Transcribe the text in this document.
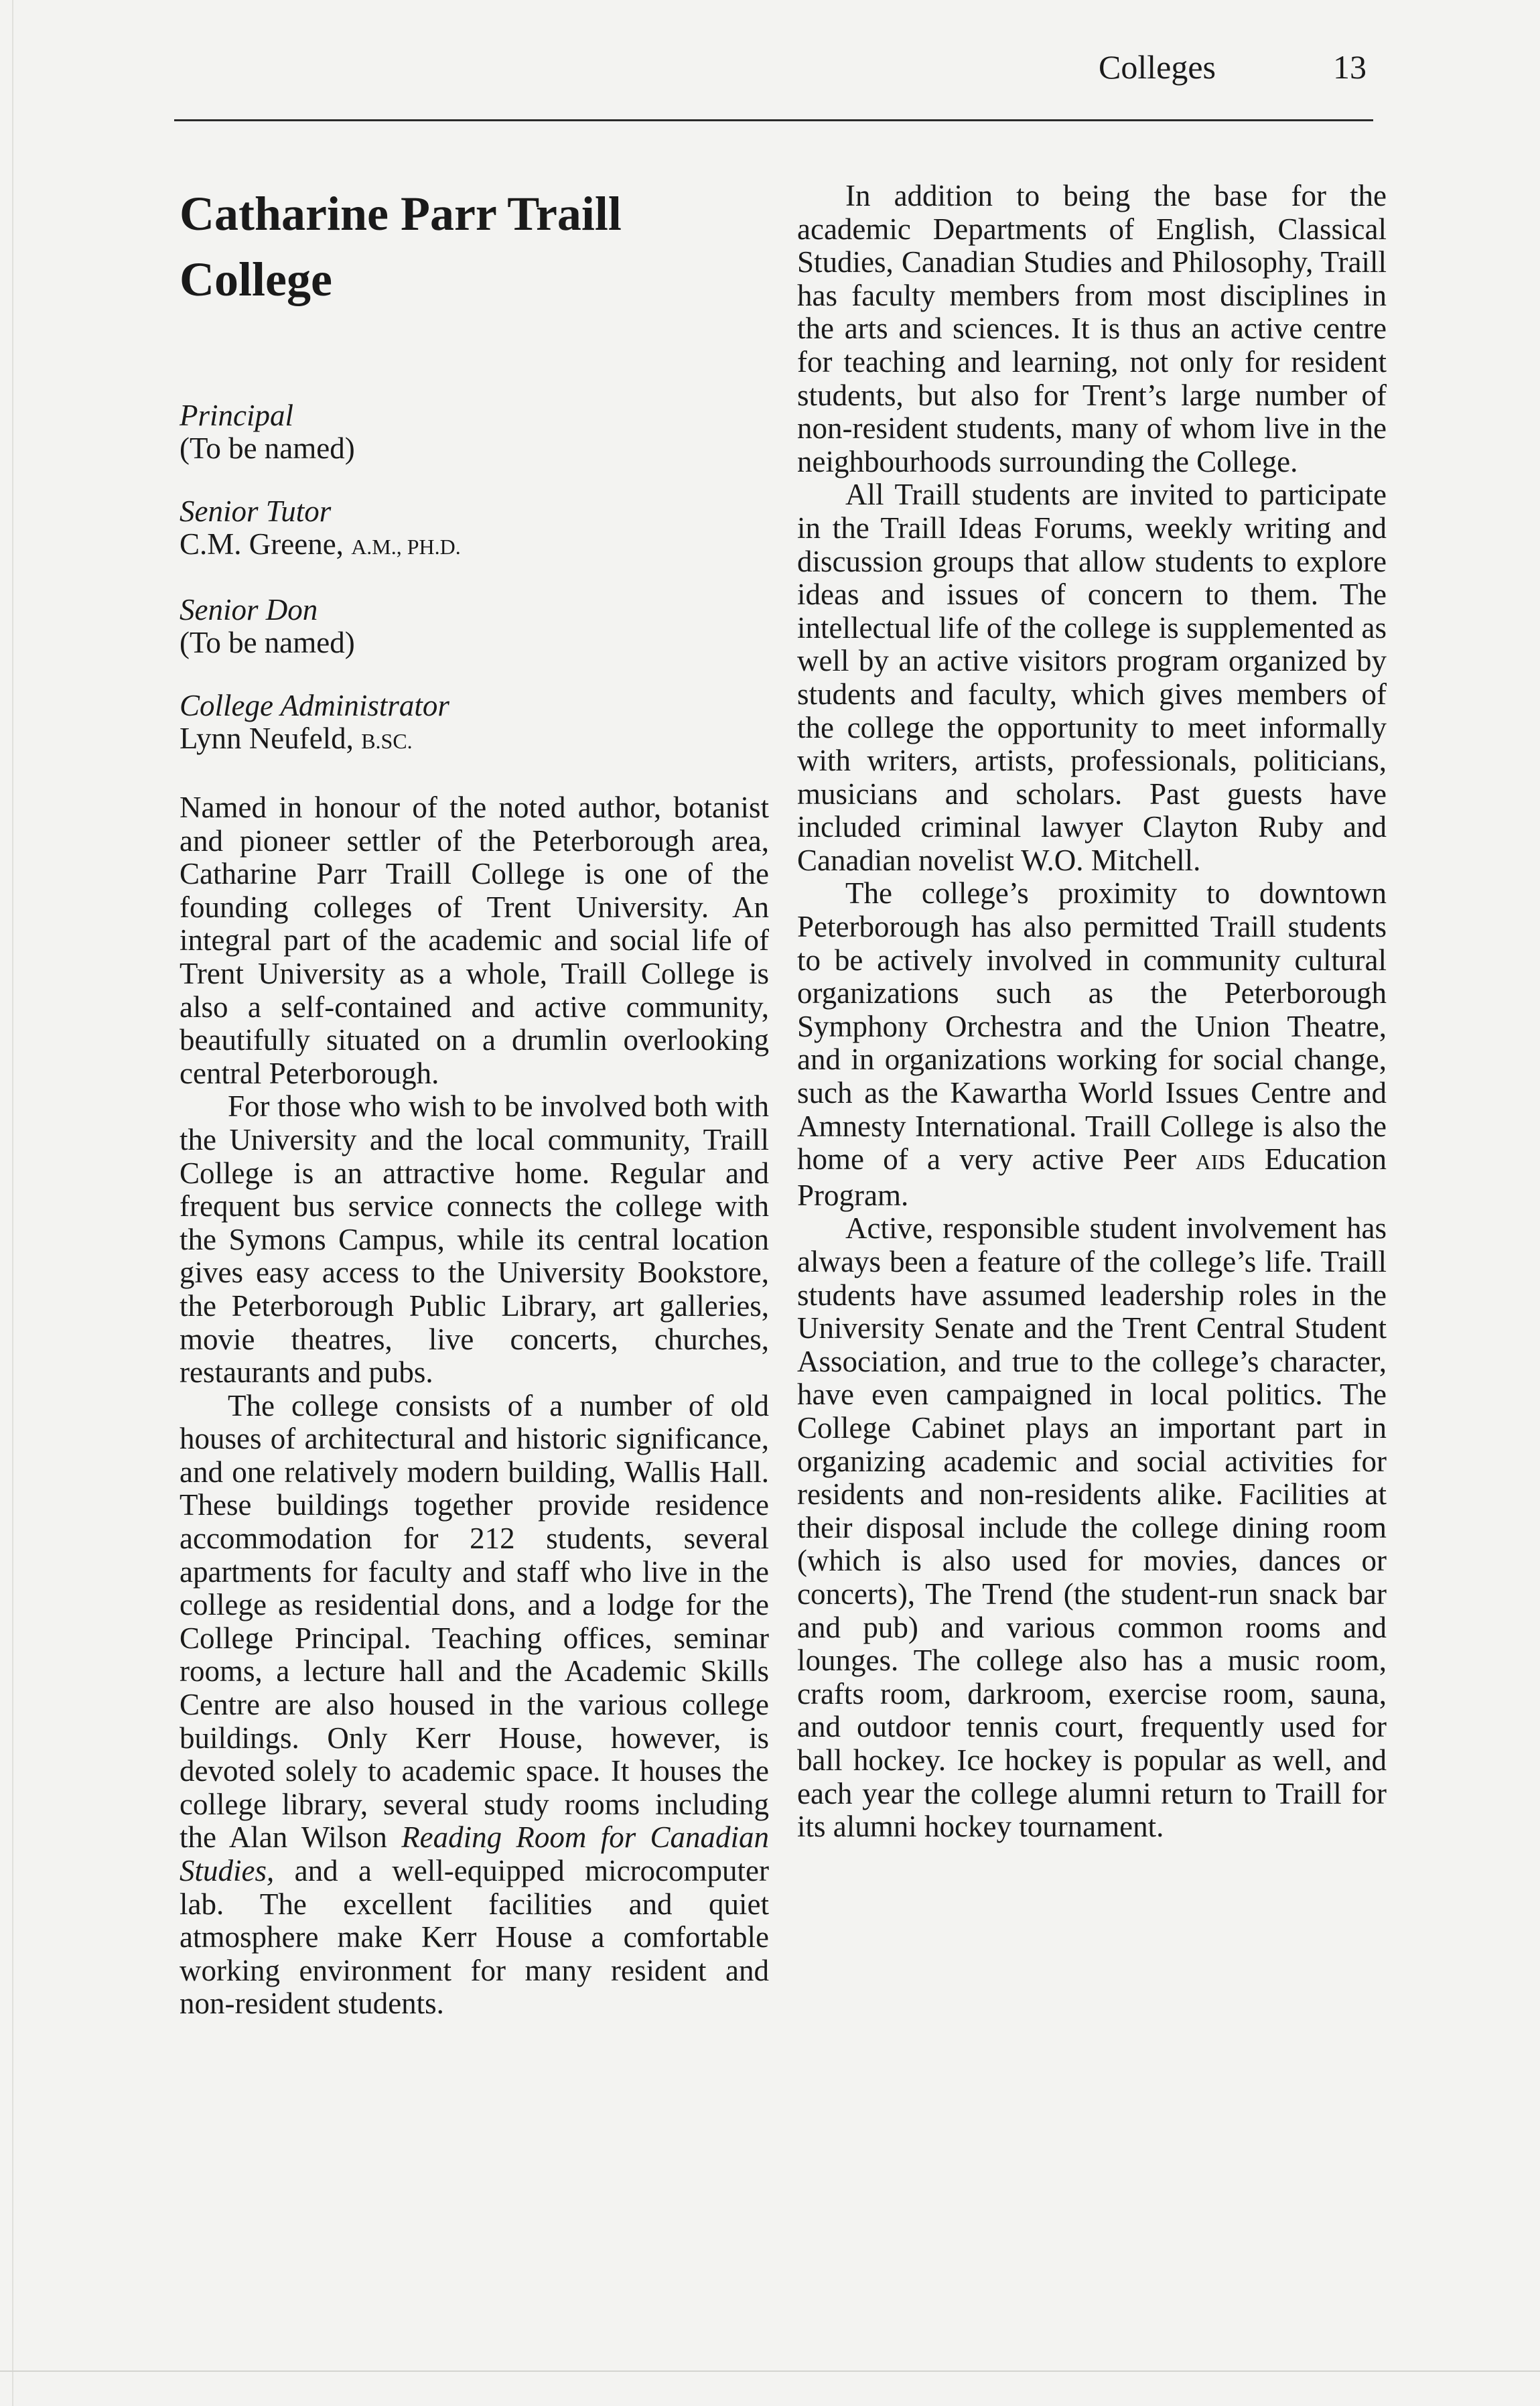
Colleges	13
Catharine Parr Traill College
Principal
(To be named)
Senior Tutor
C.M. Greene, A.M., PH.D.
Senior Don
(To be named)
College Administrator
Lynn Neufeld, B.SC.

Named in honour of the noted author, botanist and pioneer settler of the Peterborough area, Catharine Parr Traill College is one of the founding colleges of Trent University. An integral part of the academic and social life of Trent University as a whole, Traill College is also a self-contained and active community, beautifully situated on a drumlin overlooking central Peterborough.

For those who wish to be involved both with the University and the local community, Traill College is an attractive home. Regular and frequent bus service connects the college with the Symons Campus, while its central location gives easy access to the University Bookstore, the Peterborough Public Library, art galleries, movie theatres, live concerts, churches, restaurants and pubs.

The college consists of a number of old houses of architectural and historic significance, and one relatively modern building, Wallis Hall. These buildings together provide residence accommodation for 212 students, several apartments for faculty and staff who live in the college as residential dons, and a lodge for the College Principal. Teaching offices, seminar rooms, a lecture hall and the Academic Skills Centre are also housed in the various college buildings. Only Kerr House, however, is devoted solely to academic space. It houses the college library, several study rooms including the Alan Wilson Reading Room for Canadian Studies, and a well-equipped microcomputer lab. The excellent facilities and quiet atmosphere make Kerr House a comfortable working environment for many resident and non-resident students.

In addition to being the base for the academic Departments of English, Classical Studies, Canadian Studies and Philosophy, Traill has faculty members from most disciplines in the arts and sciences. It is thus an active centre for teaching and learning, not only for resident students, but also for Trent’s large number of non-resident students, many of whom live in the neighbourhoods surrounding the College.

All Traill students are invited to participate in the Traill Ideas Forums, weekly writing and discussion groups that allow students to explore ideas and issues of concern to them. The intellectual life of the college is supplemented as well by an active visitors program organized by students and faculty, which gives members of the college the opportunity to meet informally with writers, artists, professionals, politicians, musicians and scholars. Past guests have included criminal lawyer Clayton Ruby and Canadian novelist W.O. Mitchell.

The college’s proximity to downtown Peterborough has also permitted Traill students to be actively involved in community cultural organizations such as the Peterborough Symphony Orchestra and the Union Theatre, and in organizations working for social change, such as the Kawartha World Issues Centre and Amnesty International. Traill College is also the home of a very active Peer AIDS Education Program.

Active, responsible student involvement has always been a feature of the college’s life. Traill students have assumed leadership roles in the University Senate and the Trent Central Student Association, and true to the college’s character, have even campaigned in local politics. The College Cabinet plays an important part in organizing academic and social activities for residents and non-residents alike. Facilities at their disposal include the college dining room (which is also used for movies, dances or concerts), The Trend (the student-run snack bar and pub) and various common rooms and lounges. The college also has a music room, crafts room, darkroom, exercise room, sauna, and outdoor tennis court, frequently used for ball hockey. Ice hockey is popular as well, and each year the college alumni return to Traill for its alumni hockey tournament.
